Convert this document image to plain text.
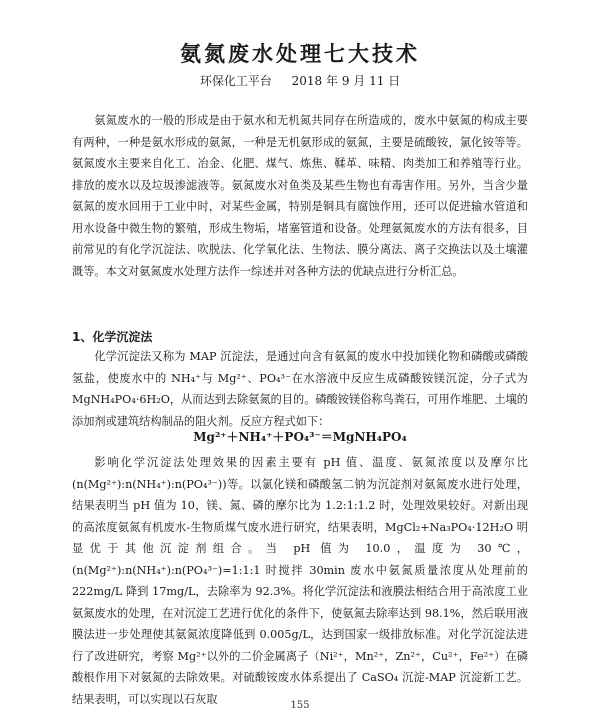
氨氮废水处理七大技术
环保化工平台 2018 年 9 月 11 日
氨氮废水的一般的形成是由于氨水和无机氮共同存在所造成的，废水中氨氮的构成主要有两种，一种是氨水形成的氨氮，一种是无机氨形成的氨氮，主要是硫酸铵，氯化铵等等。氨氮废水主要来自化工、冶金、化肥、煤气、炼焦、鞣革、味精、肉类加工和养殖等行业。排放的废水以及垃圾渗滤液等。氨氮废水对鱼类及某些生物也有毒害作用。另外，当含少量氨氮的废水回用于工业中时，对某些金属，特别是铜具有腐蚀作用，还可以促进输水管道和用水设备中微生物的繁殖，形成生物垢，堵塞管道和设备。处理氨氮废水的方法有很多，目前常见的有化学沉淀法、吹脱法、化学氧化法、生物法、膜分离法、离子交换法以及土壤灌溉等。本文对氨氮废水处理方法作一综述并对各种方法的优缺点进行分析汇总。
1、化学沉淀法
化学沉淀法又称为 MAP 沉淀法，是通过向含有氨氮的废水中投加镁化物和磷酸或磷酸氢盐，使废水中的 NH₄⁺与 Mg²⁺、PO₄³⁻在水溶液中反应生成磷酸铵镁沉淀，分子式为 MgNH₄PO₄·6H₂O，从而达到去除氨氮的目的。磷酸铵镁俗称鸟粪石，可用作堆肥、土壤的添加剂或建筑结构制品的阻火剂。反应方程式如下：
Mg²⁺＋NH₄⁺＋PO₄³⁻＝MgNH₄PO₄
影响化学沉淀法处理效果的因素主要有 pH 值、温度、氨氮浓度以及摩尔比(n(Mg²⁺):n(NH₄⁺):n(PO₄³⁻))等。以氯化镁和磷酸氢二钠为沉淀剂对氨氮废水进行处理，结果表明当 pH 值为 10，镁、氮、磷的摩尔比为 1.2:1:1.2 时，处理效果较好。对新出现的高浓度氨氮有机废水-生物质煤气废水进行研究，结果表明，MgCl₂+Na₃PO₄·12H₂O 明显优于其他沉淀剂组合。当 pH 值为 10.0，温度为 30℃，(n(Mg²⁺):n(NH₄⁺):n(PO₄³⁻)=1:1:1 时搅拌 30min 废水中氨氮质量浓度从处理前的 222mg/L 降到 17mg/L，去除率为 92.3%。将化学沉淀法和液膜法相结合用于高浓度工业氨氮废水的处理，在对沉淀工艺进行优化的条件下，使氨氮去除率达到 98.1%，然后联用液膜法进一步处理使其氨氮浓度降低到 0.005g/L，达到国家一级排放标准。对化学沉淀法进行了改进研究，考察 Mg²⁺以外的二价金属离子（Ni²⁺，Mn²⁺，Zn²⁺，Cu²⁺，Fe²⁺）在磷酸根作用下对氨氮的去除效果。对硫酸铵废水体系提出了 CaSO₄ 沉淀-MAP 沉淀新工艺。结果表明，可以实现以石灰取	155
